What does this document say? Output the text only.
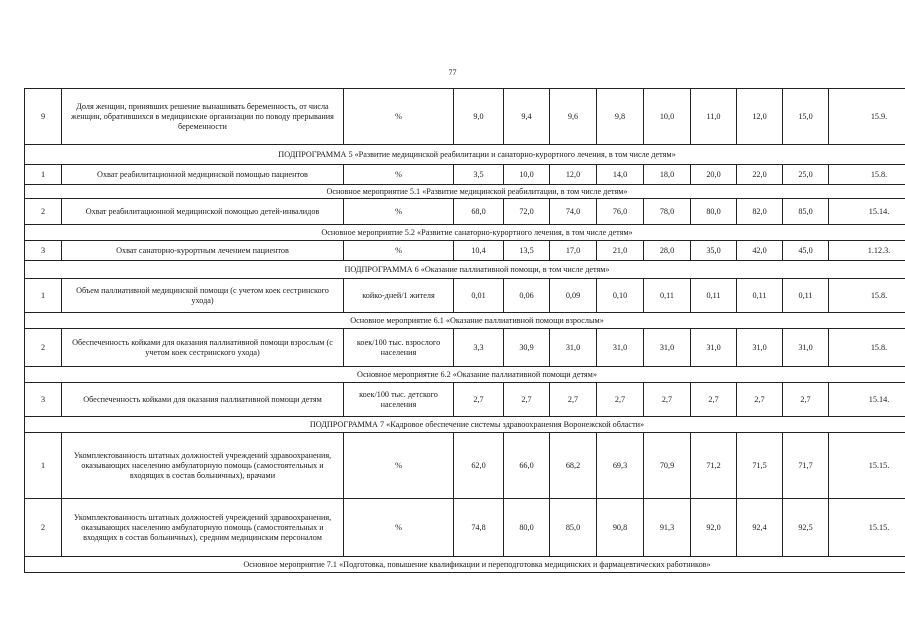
77
9	Доля женщин, принявших решение вынашивать беременность, от числа женщин, обратившихся в медицинские организации по поводу прерывания беременности	%	9,0	9,4	9,6	9,8	10,0	11,0	12,0	15,0	15.9.
ПОДПРОГРАММА 5 «Развитие медицинской реабилитации и санаторно-курортного лечения, в том числе детям»											
1	Охват реабилитационной медицинской помощью пациентов	%	3,5	10,0	12,0	14,0	18,0	20,0	22,0	25,0	15.8.
Основное мероприятие 5.1 «Развитие медицинской реабилитации, в том числе детям»											
2	Охват реабилитационной медицинской помощью детей-инвалидов	%	68,0	72,0	74,0	76,0	78,0	80,0	82,0	85,0	15.14.
Основное мероприятие 5.2 «Развитие санаторно-курортного лечения, в том числе детям»											
3	Охват санаторно-курортным лечением пациентов	%	10,4	13,5	17,0	21,0	28,0	35,0	42,0	45,0	1.12.3.
ПОДПРОГРАММА 6 «Оказание паллиативной помощи, в том числе детям»											
1	Объем паллиативной медицинской помощи (с учетом коек сестринского ухода)	койко-дней/1 жителя	0,01	0,06	0,09	0,10	0,11	0,11	0,11	0,11	15.8.
Основное мероприятие 6.1 «Оказание паллиативной помощи взрослым»											
2	Обеспеченность койками для оказания паллиативной помощи взрослым (с учетом коек сестринского ухода)	коек/100 тыс. взрослого населения	3,3	30,9	31,0	31,0	31,0	31,0	31,0	31,0	15.8.
Основное мероприятие 6.2 «Оказание паллиативной помощи детям»											
3	Обеспеченность койками для оказания паллиативной помощи детям	коек/100 тыс. детского населения	2,7	2,7	2,7	2,7	2,7	2,7	2,7	2,7	15.14.
ПОДПРОГРАММА 7 «Кадровое обеспечение системы здравоохранения Воронежской области»											
1	Укомплектованность штатных должностей учреждений здравоохранения, оказывающих населению амбулаторную помощь (самостоятельных и входящих в состав больничных), врачами	%	62,0	66,0	68,2	69,3	70,9	71,2	71,5	71,7	15.15.
2	Укомплектованность штатных должностей учреждений здравоохранения, оказывающих населению амбулаторную помощь (самостоятельных и входящих в состав больничных), средним медицинским персоналом	%	74,8	80,0	85,0	90,8	91,3	92,0	92,4	92,5	15.15.
Основное мероприятие 7.1 «Подготовка, повышение квалификации и переподготовка медицинских и фармацевтических работников»											
